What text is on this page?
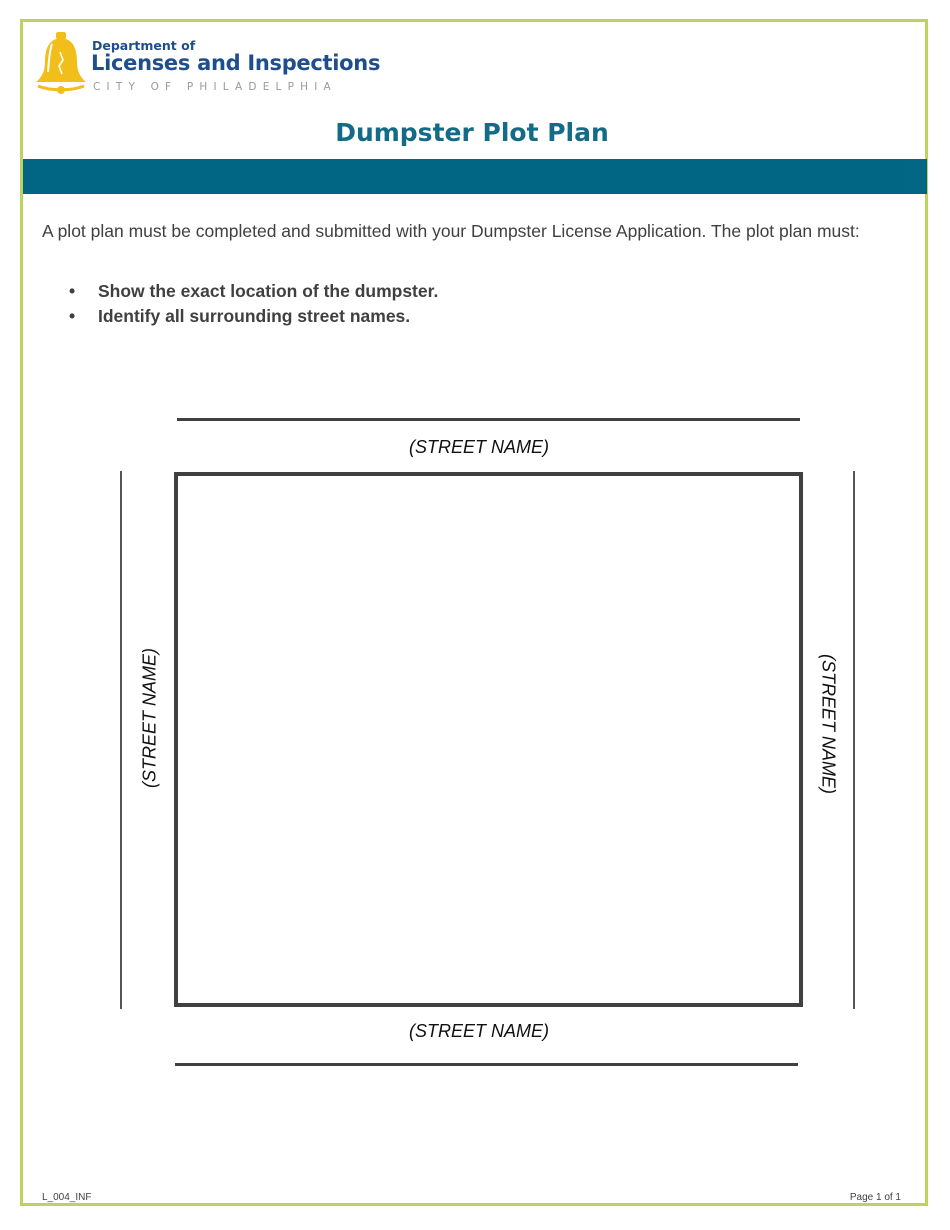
Department of
Licenses and Inspections
CITY OF PHILADELPHIA
Dumpster Plot Plan
A plot plan must be completed and submitted with your Dumpster License Application. The plot plan must:
• Show the exact location of the dumpster.
• Identify all surrounding street names.
(STREET NAME)
(STREET NAME)	(STREET NAME)
(STREET NAME)
L_004_INF	Page 1 of 1
